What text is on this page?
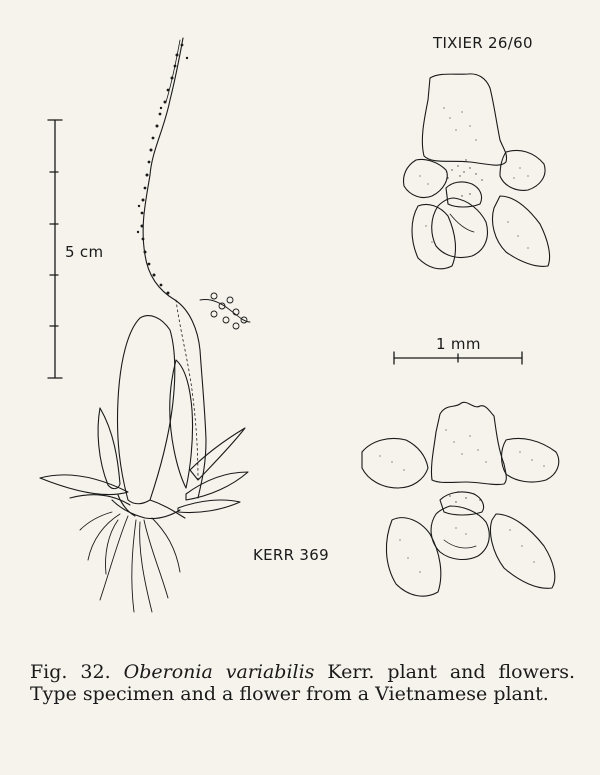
TIXIER 26/60
5 cm
1 mm
KERR 369
Fig. 32. Oberonia variabilis Kerr. plant and flowers. Type specimen and a flower from a Vietnamese plant.
